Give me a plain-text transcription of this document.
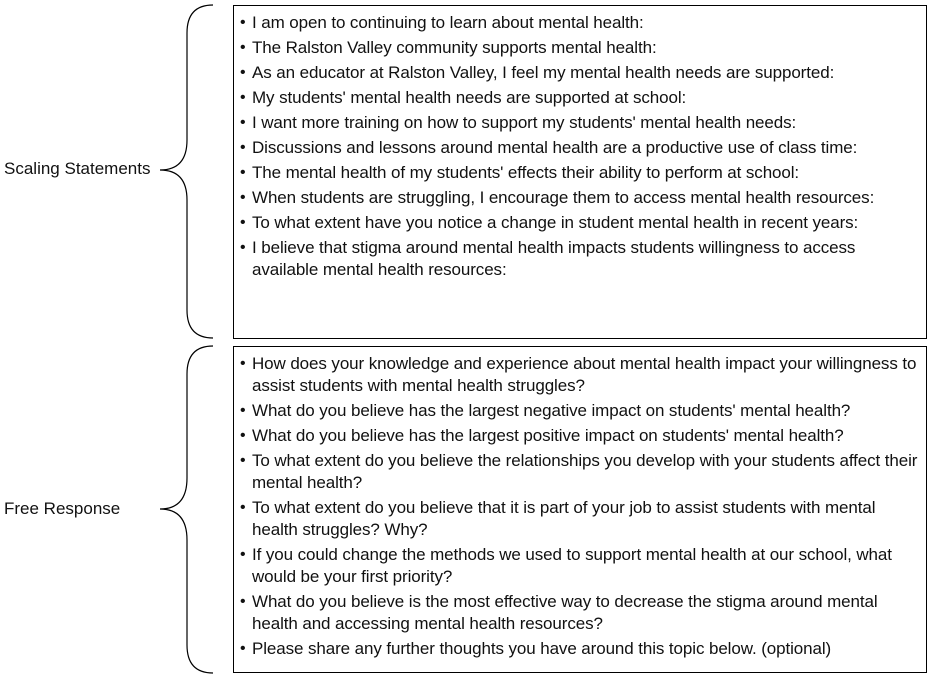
Scaling Statements
Free Response
• I am open to continuing to learn about mental health:
• The Ralston Valley community supports mental health:
• As an educator at Ralston Valley, I feel my mental health needs are supported:
• My students' mental health needs are supported at school:
• I want more training on how to support my students' mental health needs:
• Discussions and lessons around mental health are a productive use of class time:
• The mental health of my students' effects their ability to perform at school:
• When students are struggling, I encourage them to access mental health resources:
• To what extent have you notice a change in student mental health in recent years:
• I believe that stigma around mental health impacts students willingness to access available mental health resources:
• How does your knowledge and experience about mental health impact your willingness to assist students with mental health struggles?
• What do you believe has the largest negative impact on students' mental health?
• What do you believe has the largest positive impact on students' mental health?
• To what extent do you believe the relationships you develop with your students affect their mental health?
• To what extent do you believe that it is part of your job to assist students with mental health struggles? Why?
• If you could change the methods we used to support mental health at our school, what would be your first priority?
• What do you believe is the most effective way to decrease the stigma around mental health and accessing mental health resources?
• Please share any further thoughts you have around this topic below. (optional)
